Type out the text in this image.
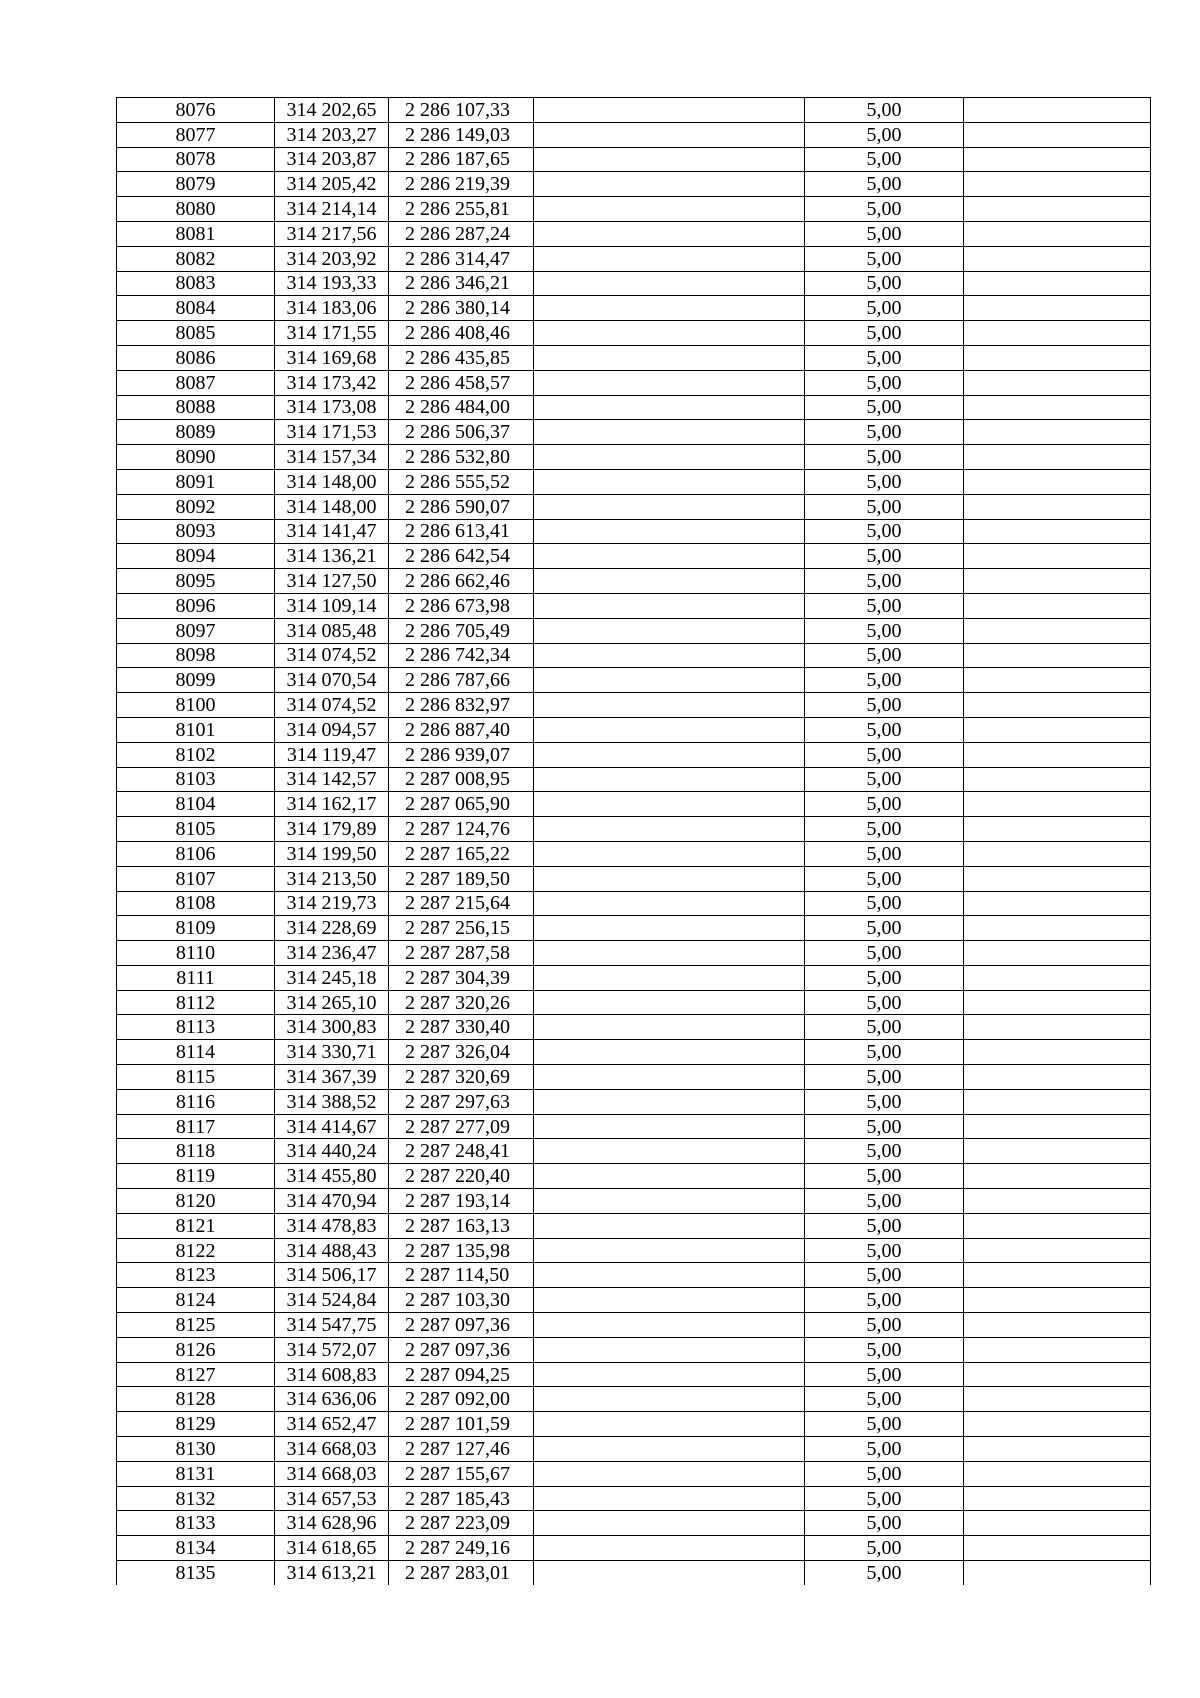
8076	314 202,65	2 286 107,33		5,00	
8077	314 203,27	2 286 149,03		5,00	
8078	314 203,87	2 286 187,65		5,00	
8079	314 205,42	2 286 219,39		5,00	
8080	314 214,14	2 286 255,81		5,00	
8081	314 217,56	2 286 287,24		5,00	
8082	314 203,92	2 286 314,47		5,00	
8083	314 193,33	2 286 346,21		5,00	
8084	314 183,06	2 286 380,14		5,00	
8085	314 171,55	2 286 408,46		5,00	
8086	314 169,68	2 286 435,85		5,00	
8087	314 173,42	2 286 458,57		5,00	
8088	314 173,08	2 286 484,00		5,00	
8089	314 171,53	2 286 506,37		5,00	
8090	314 157,34	2 286 532,80		5,00	
8091	314 148,00	2 286 555,52		5,00	
8092	314 148,00	2 286 590,07		5,00	
8093	314 141,47	2 286 613,41		5,00	
8094	314 136,21	2 286 642,54		5,00	
8095	314 127,50	2 286 662,46		5,00	
8096	314 109,14	2 286 673,98		5,00	
8097	314 085,48	2 286 705,49		5,00	
8098	314 074,52	2 286 742,34		5,00	
8099	314 070,54	2 286 787,66		5,00	
8100	314 074,52	2 286 832,97		5,00	
8101	314 094,57	2 286 887,40		5,00	
8102	314 119,47	2 286 939,07		5,00	
8103	314 142,57	2 287 008,95		5,00	
8104	314 162,17	2 287 065,90		5,00	
8105	314 179,89	2 287 124,76		5,00	
8106	314 199,50	2 287 165,22		5,00	
8107	314 213,50	2 287 189,50		5,00	
8108	314 219,73	2 287 215,64		5,00	
8109	314 228,69	2 287 256,15		5,00	
8110	314 236,47	2 287 287,58		5,00	
8111	314 245,18	2 287 304,39		5,00	
8112	314 265,10	2 287 320,26		5,00	
8113	314 300,83	2 287 330,40		5,00	
8114	314 330,71	2 287 326,04		5,00	
8115	314 367,39	2 287 320,69		5,00	
8116	314 388,52	2 287 297,63		5,00	
8117	314 414,67	2 287 277,09		5,00	
8118	314 440,24	2 287 248,41		5,00	
8119	314 455,80	2 287 220,40		5,00	
8120	314 470,94	2 287 193,14		5,00	
8121	314 478,83	2 287 163,13		5,00	
8122	314 488,43	2 287 135,98		5,00	
8123	314 506,17	2 287 114,50		5,00	
8124	314 524,84	2 287 103,30		5,00	
8125	314 547,75	2 287 097,36		5,00	
8126	314 572,07	2 287 097,36		5,00	
8127	314 608,83	2 287 094,25		5,00	
8128	314 636,06	2 287 092,00		5,00	
8129	314 652,47	2 287 101,59		5,00	
8130	314 668,03	2 287 127,46		5,00	
8131	314 668,03	2 287 155,67		5,00	
8132	314 657,53	2 287 185,43		5,00	
8133	314 628,96	2 287 223,09		5,00	
8134	314 618,65	2 287 249,16		5,00	
8135	314 613,21	2 287 283,01		5,00	
